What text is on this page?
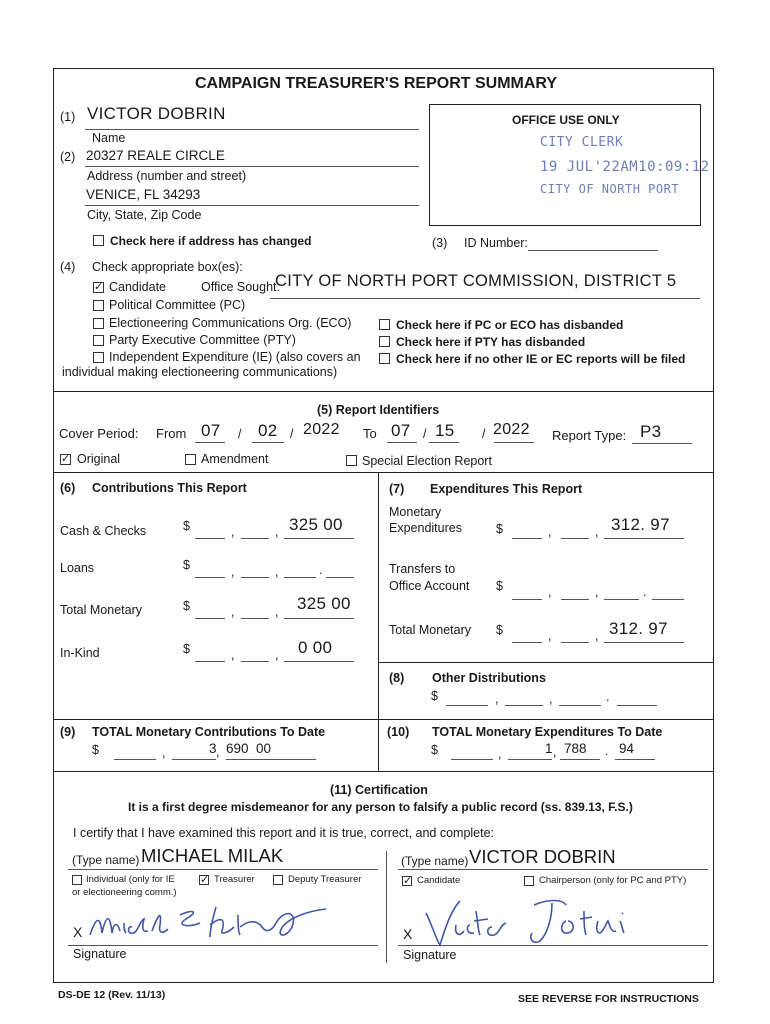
CAMPAIGN TREASURER'S REPORT SUMMARY
(1) VICTOR DOBRIN
Name
(2) 20327 REALE CIRCLE
Address (number and street)
VENICE, FL 34293
City, State, Zip Code
Check here if address has changed	(3) ID Number:
OFFICE USE ONLY
CITY CLERK
19 JUL'22AM10:09:12
CITY OF NORTH PORT
(4) Check appropriate box(es):
✓
Candidate	Office Sought:
CITY OF NORTH PORT COMMISSION, DISTRICT 5
Political Committee (PC)
Electioneering Communications Org. (ECO)
Party Executive Committee (PTY)
Independent Expenditure (IE) (also covers an
individual making electioneering communications)
Check here if PC or ECO has disbanded
Check here if PTY has disbanded
Check here if no other IE or EC reports will be filed
(5) Report Identifiers
Cover Period: From 07 / 02 / 2022 To 07 / 15 / 2022 Report Type: P3
✓
Original	Amendment	Special Election Report
(6) Contributions This Report
Cash & Checks	$	,	, 325 00
Loans	$	,	,	.
Total Monetary	$	,	, 325 00
In-Kind	$	,	, 0 00
(7) Expenditures This Report
Monetary
Expenditures	$	,	, 312. 97
Transfers to
Office Account $	,	,	.
Total Monetary $	,	, 312. 97
(8) Other Distributions
$	,	,	.
(9) TOTAL Monetary Contributions To Date
$	,	3 , 690  00
(10) TOTAL Monetary Expenditures To Date
$	,	1 , 788 . 94
(11) Certification
It is a first degree misdemeanor for any person to falsify a public record (ss. 839.13, F.S.)
I certify that I have examined this report and it is true, correct, and complete:
(Type name) MICHAEL MILAK	(Type name) VICTOR DOBRIN
Individual (only for IE
or electioneering comm.)
✓
Treasurer	Deputy Treasurer
✓	Candidate	Chairperson (only for PC and PTY)
X
Signature
X
Signature
DS-DE 12 (Rev. 11/13)	SEE REVERSE FOR INSTRUCTIONS
